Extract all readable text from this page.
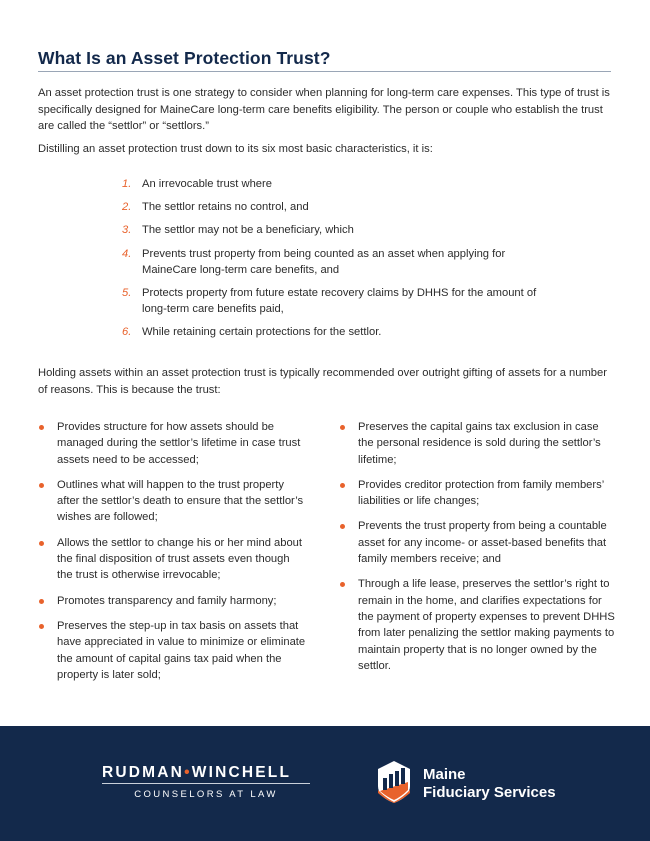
What Is an Asset Protection Trust?

An asset protection trust is one strategy to consider when planning for long-term care expenses. This type of trust is specifically designed for MaineCare long-term care benefits eligibility. The person or couple who establish the trust are called the “settlor” or “settlors.”

Distilling an asset protection trust down to its six most basic characteristics, it is:

1. An irrevocable trust where
2. The settlor retains no control, and
3. The settlor may not be a beneficiary, which
4. Prevents trust property from being counted as an asset when applying for MaineCare long-term care benefits, and
5. Protects property from future estate recovery claims by DHHS for the amount of long-term care benefits paid,
6. While retaining certain protections for the settlor.

Holding assets within an asset protection trust is typically recommended over outright gifting of assets for a number of reasons. This is because the trust:

Provides structure for how assets should be managed during the settlor’s lifetime in case trust assets need to be accessed;
Outlines what will happen to the trust property after the settlor’s death to ensure that the settlor’s wishes are followed;
Allows the settlor to change his or her mind about the final disposition of trust assets even though the trust is otherwise irrevocable;
Promotes transparency and family harmony;
Preserves the step-up in tax basis on assets that have appreciated in value to minimize or eliminate the amount of capital gains tax paid when the property is later sold;
Preserves the capital gains tax exclusion in case the personal residence is sold during the settlor’s lifetime;
Provides creditor protection from family members’ liabilities or life changes;
Prevents the trust property from being a countable asset for any income- or asset-based benefits that family members receive; and
Through a life lease, preserves the settlor’s right to remain in the home, and clarifies expectations for the payment of property expenses to prevent DHHS from later penalizing the settlor making payments to maintain property that is no longer owned by the settlor.
RUDMAN•WINCHELL
COUNSELORS AT LAW
Maine
Fiduciary Services
